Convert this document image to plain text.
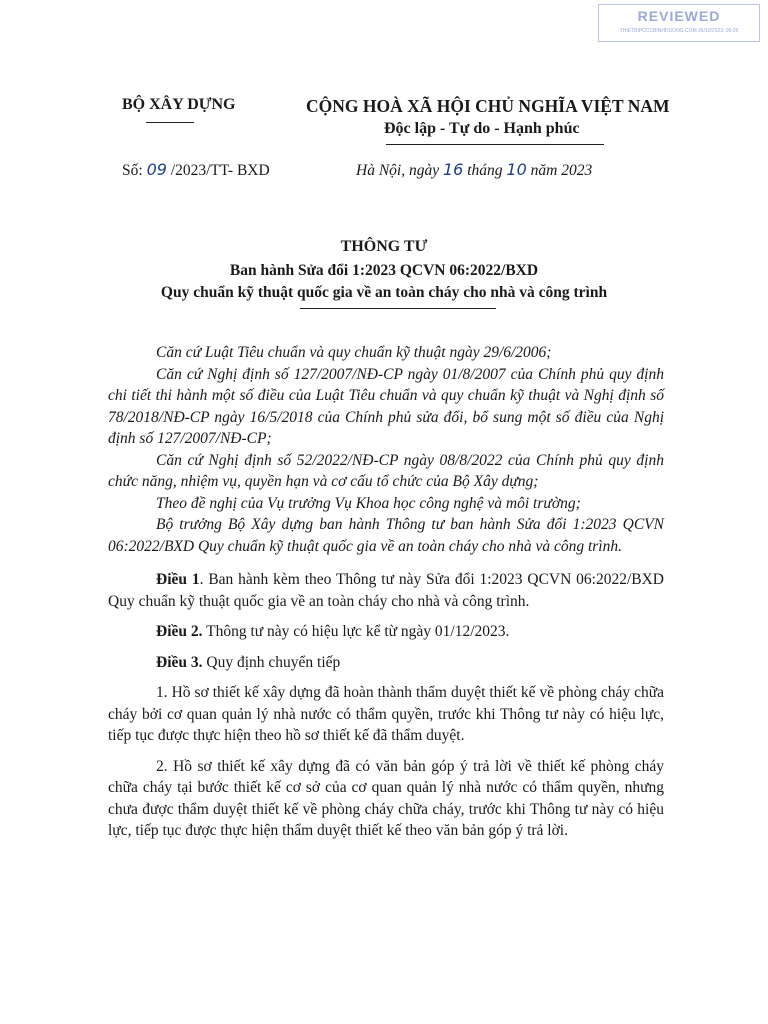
REVIEWED
THIETBIPCCCBINHDUONG.COM 26/10/2023, 09:26
BỘ XÂY DỰNG	CỘNG HOÀ XÃ HỘI CHỦ NGHĨA VIỆT NAM
Độc lập - Tự do - Hạnh phúc
Số: 09 /2023/TT- BXD	Hà Nội, ngày 16 tháng 10 năm 2023
THÔNG TƯ
Ban hành Sửa đổi 1:2023 QCVN 06:2022/BXD
Quy chuẩn kỹ thuật quốc gia về an toàn cháy cho nhà và công trình

Căn cứ Luật Tiêu chuẩn và quy chuẩn kỹ thuật ngày 29/6/2006;

Căn cứ Nghị định số 127/2007/NĐ-CP ngày 01/8/2007 của Chính phủ quy định chi tiết thi hành một số điều của Luật Tiêu chuẩn và quy chuẩn kỹ thuật và Nghị định số 78/2018/NĐ-CP ngày 16/5/2018 của Chính phủ sửa đổi, bổ sung một số điều của Nghị định số 127/2007/NĐ-CP;

Căn cứ Nghị định số 52/2022/NĐ-CP ngày 08/8/2022 của Chính phủ quy định chức năng, nhiệm vụ, quyền hạn và cơ cấu tổ chức của Bộ Xây dựng;

Theo đề nghị của Vụ trưởng Vụ Khoa học công nghệ và môi trường;

Bộ trưởng Bộ Xây dựng ban hành Thông tư ban hành Sửa đổi 1:2023 QCVN 06:2022/BXD Quy chuẩn kỹ thuật quốc gia về an toàn cháy cho nhà và công trình.

Điều 1. Ban hành kèm theo Thông tư này Sửa đổi 1:2023 QCVN 06:2022/BXD Quy chuẩn kỹ thuật quốc gia về an toàn cháy cho nhà và công trình.

Điều 2. Thông tư này có hiệu lực kể từ ngày 01/12/2023.

Điều 3. Quy định chuyển tiếp

1. Hồ sơ thiết kế xây dựng đã hoàn thành thẩm duyệt thiết kế về phòng cháy chữa cháy bởi cơ quan quản lý nhà nước có thẩm quyền, trước khi Thông tư này có hiệu lực, tiếp tục được thực hiện theo hồ sơ thiết kế đã thẩm duyệt.

2. Hồ sơ thiết kế xây dựng đã có văn bản góp ý trả lời về thiết kế phòng cháy chữa cháy tại bước thiết kế cơ sở của cơ quan quản lý nhà nước có thẩm quyền, nhưng chưa được thẩm duyệt thiết kế về phòng cháy chữa cháy, trước khi Thông tư này có hiệu lực, tiếp tục được thực hiện thẩm duyệt thiết kế theo văn bản góp ý trả lời.
